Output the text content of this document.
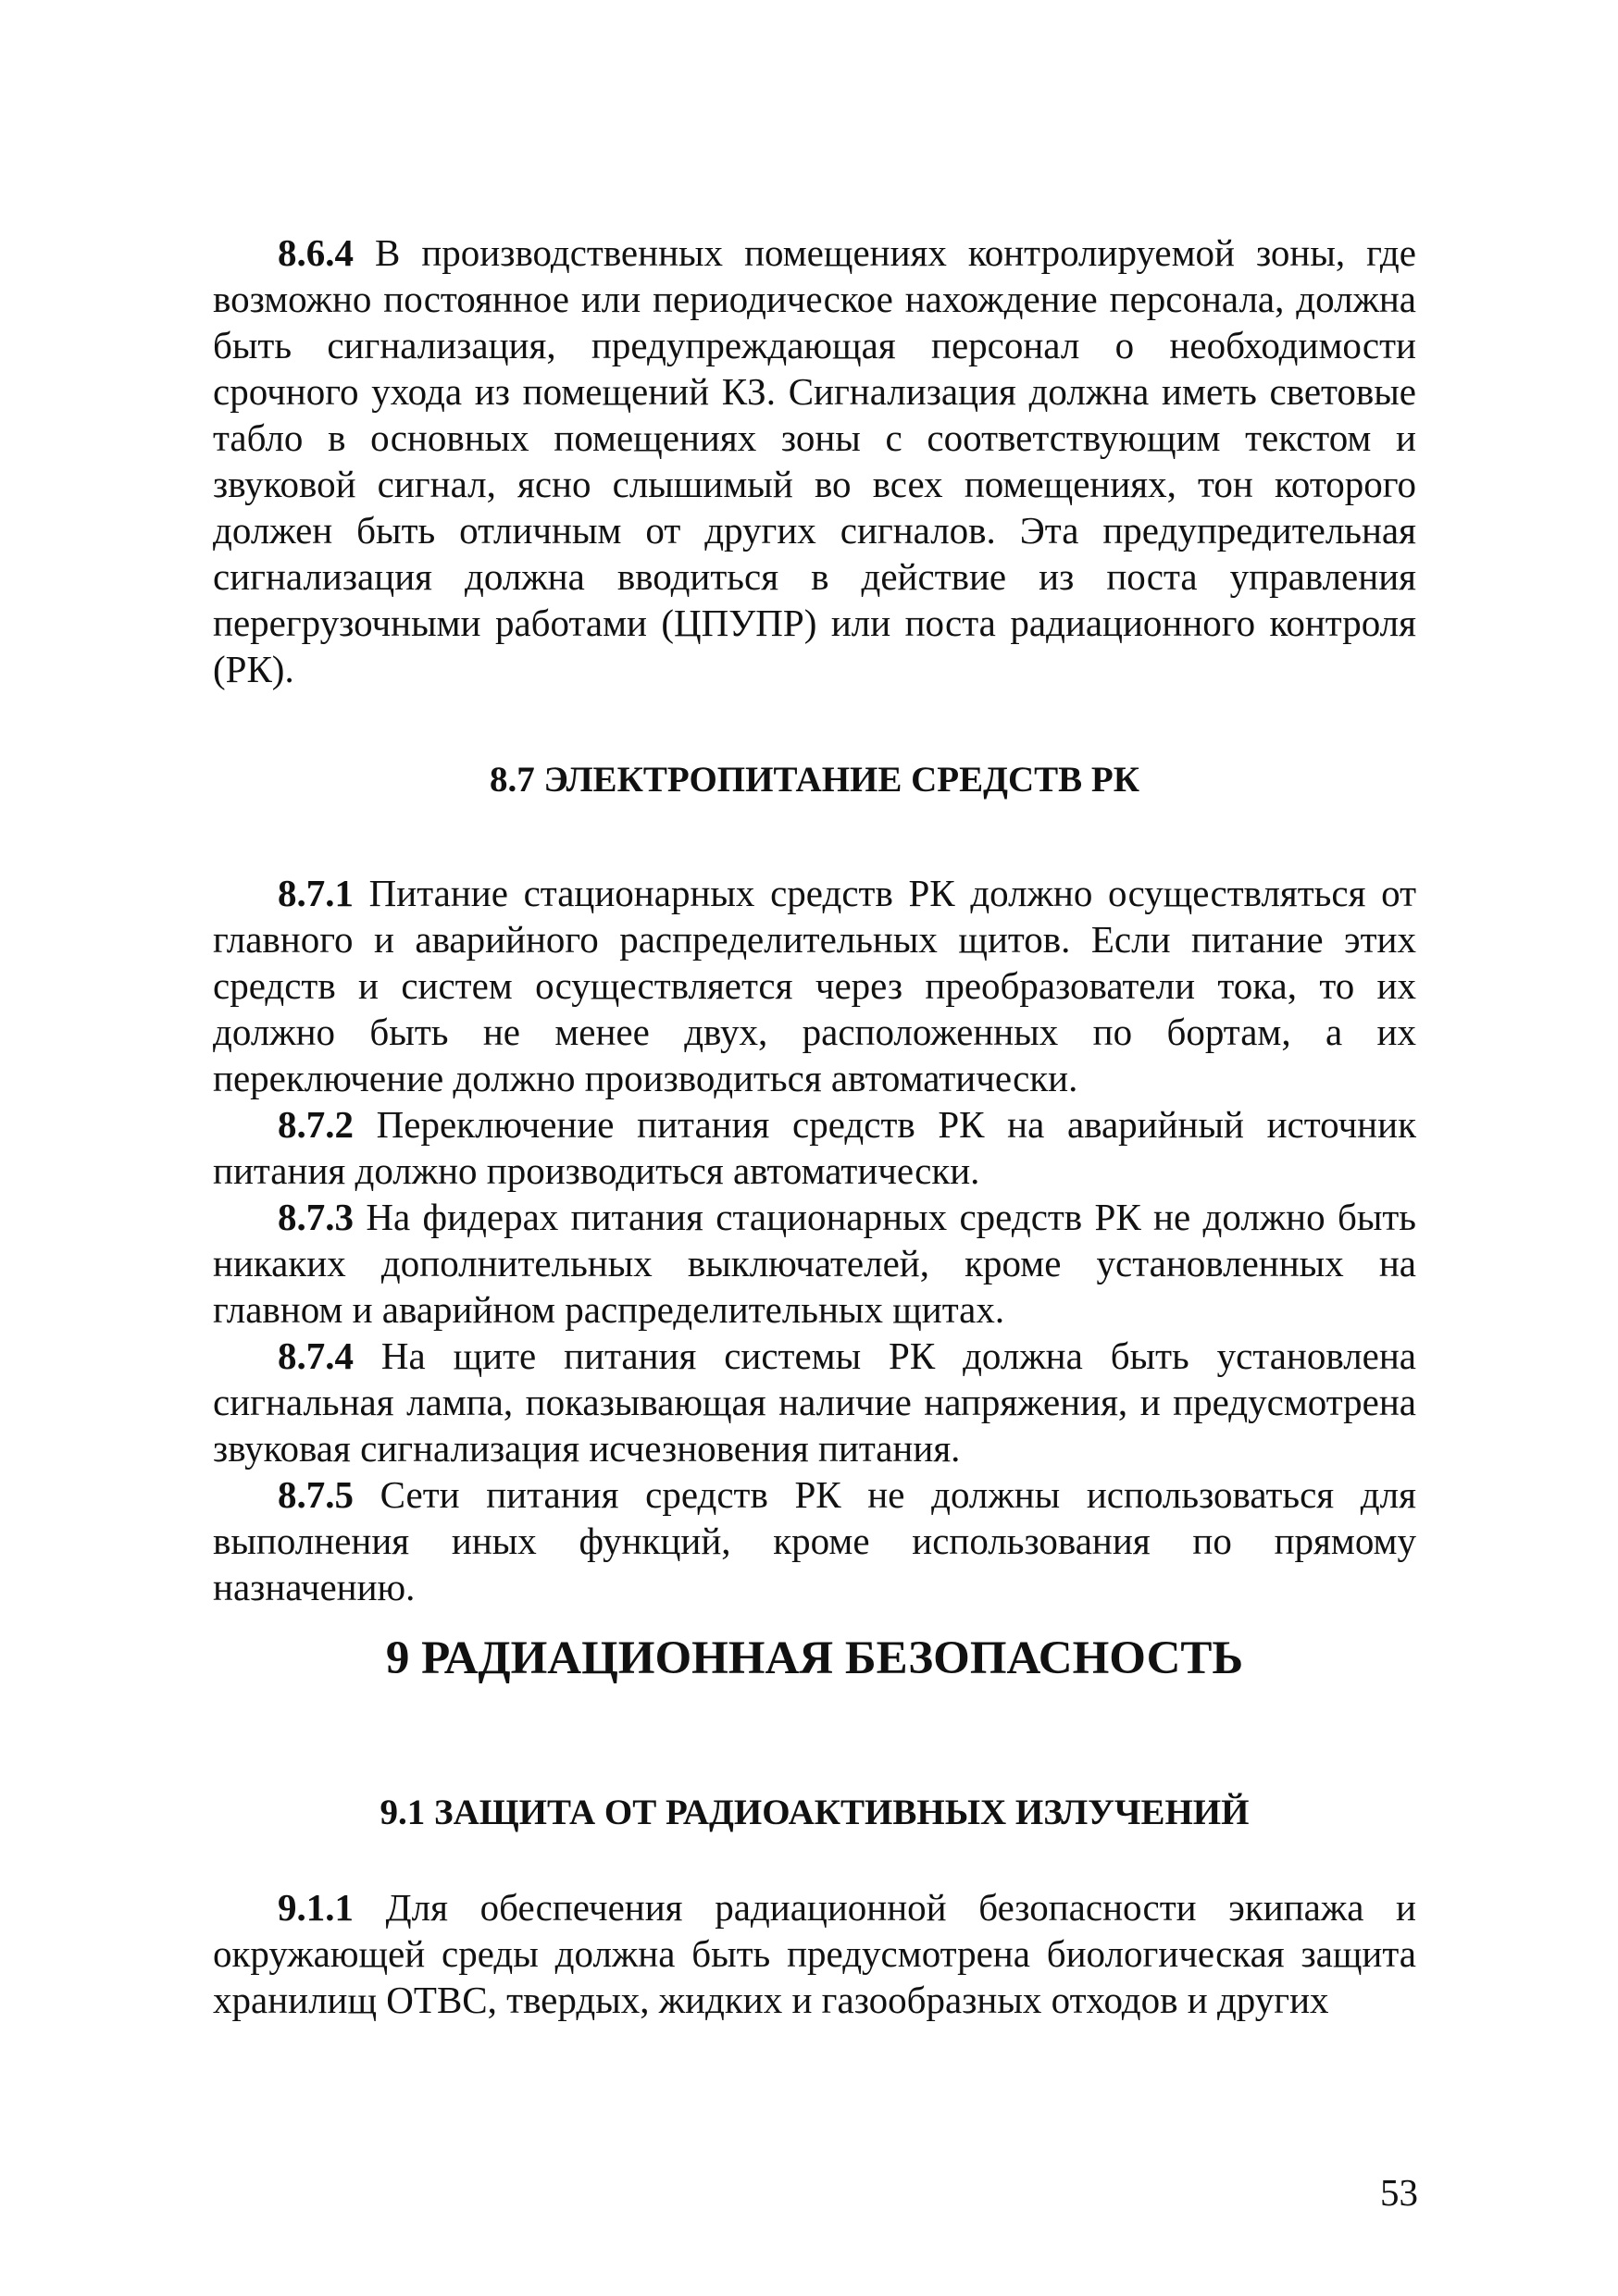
8.6.4 В производственных помещениях контролируемой зоны, где возможно постоянное или периодическое нахождение персонала, должна быть сигнализация, предупреждающая персонал о необходимости срочного ухода из помещений КЗ. Сигнализация должна иметь световые табло в основных помещениях зоны с соответствующим текстом и звуковой сигнал, ясно слышимый во всех помещениях, тон которого должен быть отличным от других сигналов. Эта предупредительная сигнализация должна вводиться в действие из поста управления перегрузочными работами (ЦПУПР) или поста радиационного контроля (РК).

8.7 ЭЛЕКТРОПИТАНИЕ СРЕДСТВ РК

8.7.1 Питание стационарных средств РК должно осуществляться от главного и аварийного распределительных щитов. Если питание этих средств и систем осуществляется через преобразователи тока, то их должно быть не менее двух, расположенных по бортам, а их переключение должно производиться автоматически.

8.7.2 Переключение питания средств РК на аварийный источник питания должно производиться автоматически.

8.7.3 На фидерах питания стационарных средств РК не должно быть никаких дополнительных выключателей, кроме установленных на главном и аварийном распределительных щитах.

8.7.4 На щите питания системы РК должна быть установлена сигнальная лампа, показывающая наличие напряжения, и предусмотрена звуковая сигнализация исчезновения питания.

8.7.5 Сети питания средств РК не должны использоваться для выполнения иных функций, кроме использования по прямому назначению.

9 РАДИАЦИОННАЯ БЕЗОПАСНОСТЬ
9.1 ЗАЩИТА ОТ РАДИОАКТИВНЫХ ИЗЛУЧЕНИЙ

9.1.1 Для обеспечения радиационной безопасности экипажа и окружающей среды должна быть предусмотрена биологическая защита хранилищ ОТВС, твердых, жидких и газообразных отходов и других

53
